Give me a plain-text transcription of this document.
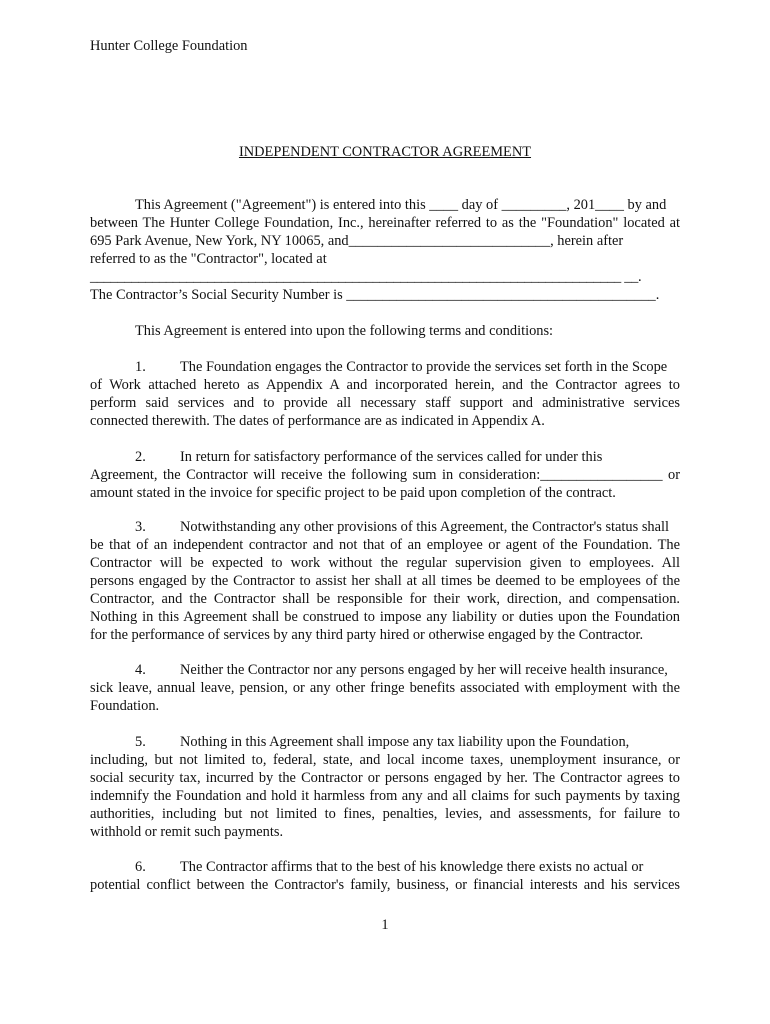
Hunter College Foundation
INDEPENDENT CONTRACTOR AGREEMENT
This Agreement ("Agreement") is entered into this ____ day of _________, 201____ by and
between The Hunter College Foundation, Inc., hereinafter referred to as the "Foundation" located at
695 Park Avenue, New York, NY 10065, and____________________________, herein after
referred to as the "Contractor", located at
_____________________________________________________________________________ __.
The Contractor’s Social Security Number is ___________________________________________.
This Agreement is entered into upon the following terms and conditions:
1. The Foundation engages the Contractor to provide the services set forth in the Scope
of Work attached hereto as Appendix A and incorporated herein, and the Contractor agrees to
perform said services and to provide all necessary staff support and administrative services
connected therewith. The dates of performance are as indicated in Appendix A.
2. In return for satisfactory performance of the services called for under this
Agreement, the Contractor will receive the following sum in consideration:_________________ or
amount stated in the invoice for specific project to be paid upon completion of the contract.
3. Notwithstanding any other provisions of this Agreement, the Contractor's status shall
be that of an independent contractor and not that of an employee or agent of the Foundation. The
Contractor will be expected to work without the regular supervision given to employees. All
persons engaged by the Contractor to assist her shall at all times be deemed to be employees of the
Contractor, and the Contractor shall be responsible for their work, direction, and compensation.
Nothing in this Agreement shall be construed to impose any liability or duties upon the Foundation
for the performance of services by any third party hired or otherwise engaged by the Contractor.
4. Neither the Contractor nor any persons engaged by her will receive health insurance,
sick leave, annual leave, pension, or any other fringe benefits associated with employment with the
Foundation.
5. Nothing in this Agreement shall impose any tax liability upon the Foundation,
including, but not limited to, federal, state, and local income taxes, unemployment insurance, or
social security tax, incurred by the Contractor or persons engaged by her. The Contractor agrees to
indemnify the Foundation and hold it harmless from any and all claims for such payments by taxing
authorities, including but not limited to fines, penalties, levies, and assessments, for failure to
withhold or remit such payments.
6. The Contractor affirms that to the best of his knowledge there exists no actual or
potential conflict between the Contractor's family, business, or financial interests and his services
1
